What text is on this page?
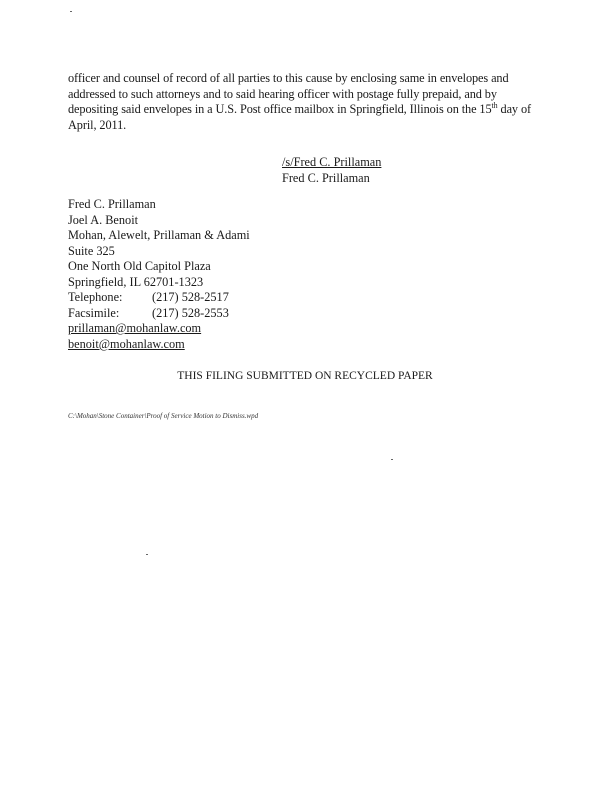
officer and counsel of record of all parties to this cause by enclosing same in envelopes and
addressed to such attorneys and to said hearing officer with postage fully prepaid, and by
depositing said envelopes in a U.S. Post office mailbox in Springfield, Illinois on the 15th day of
April, 2011.
/s/Fred C. Prillaman
Fred C. Prillaman
Fred C. Prillaman
Joel A. Benoit
Mohan, Alewelt, Prillaman & Adami
Suite 325
One North Old Capitol Plaza
Springfield, IL 62701-1323
Telephone: (217) 528-2517
Facsimile:	(217) 528-2553
prillaman@mohanlaw.com
benoit@mohanlaw.com
THIS FILING SUBMITTED ON RECYCLED PAPER
C:\Mohan\Stone Container\Proof of Service Motion to Dismiss.wpd
